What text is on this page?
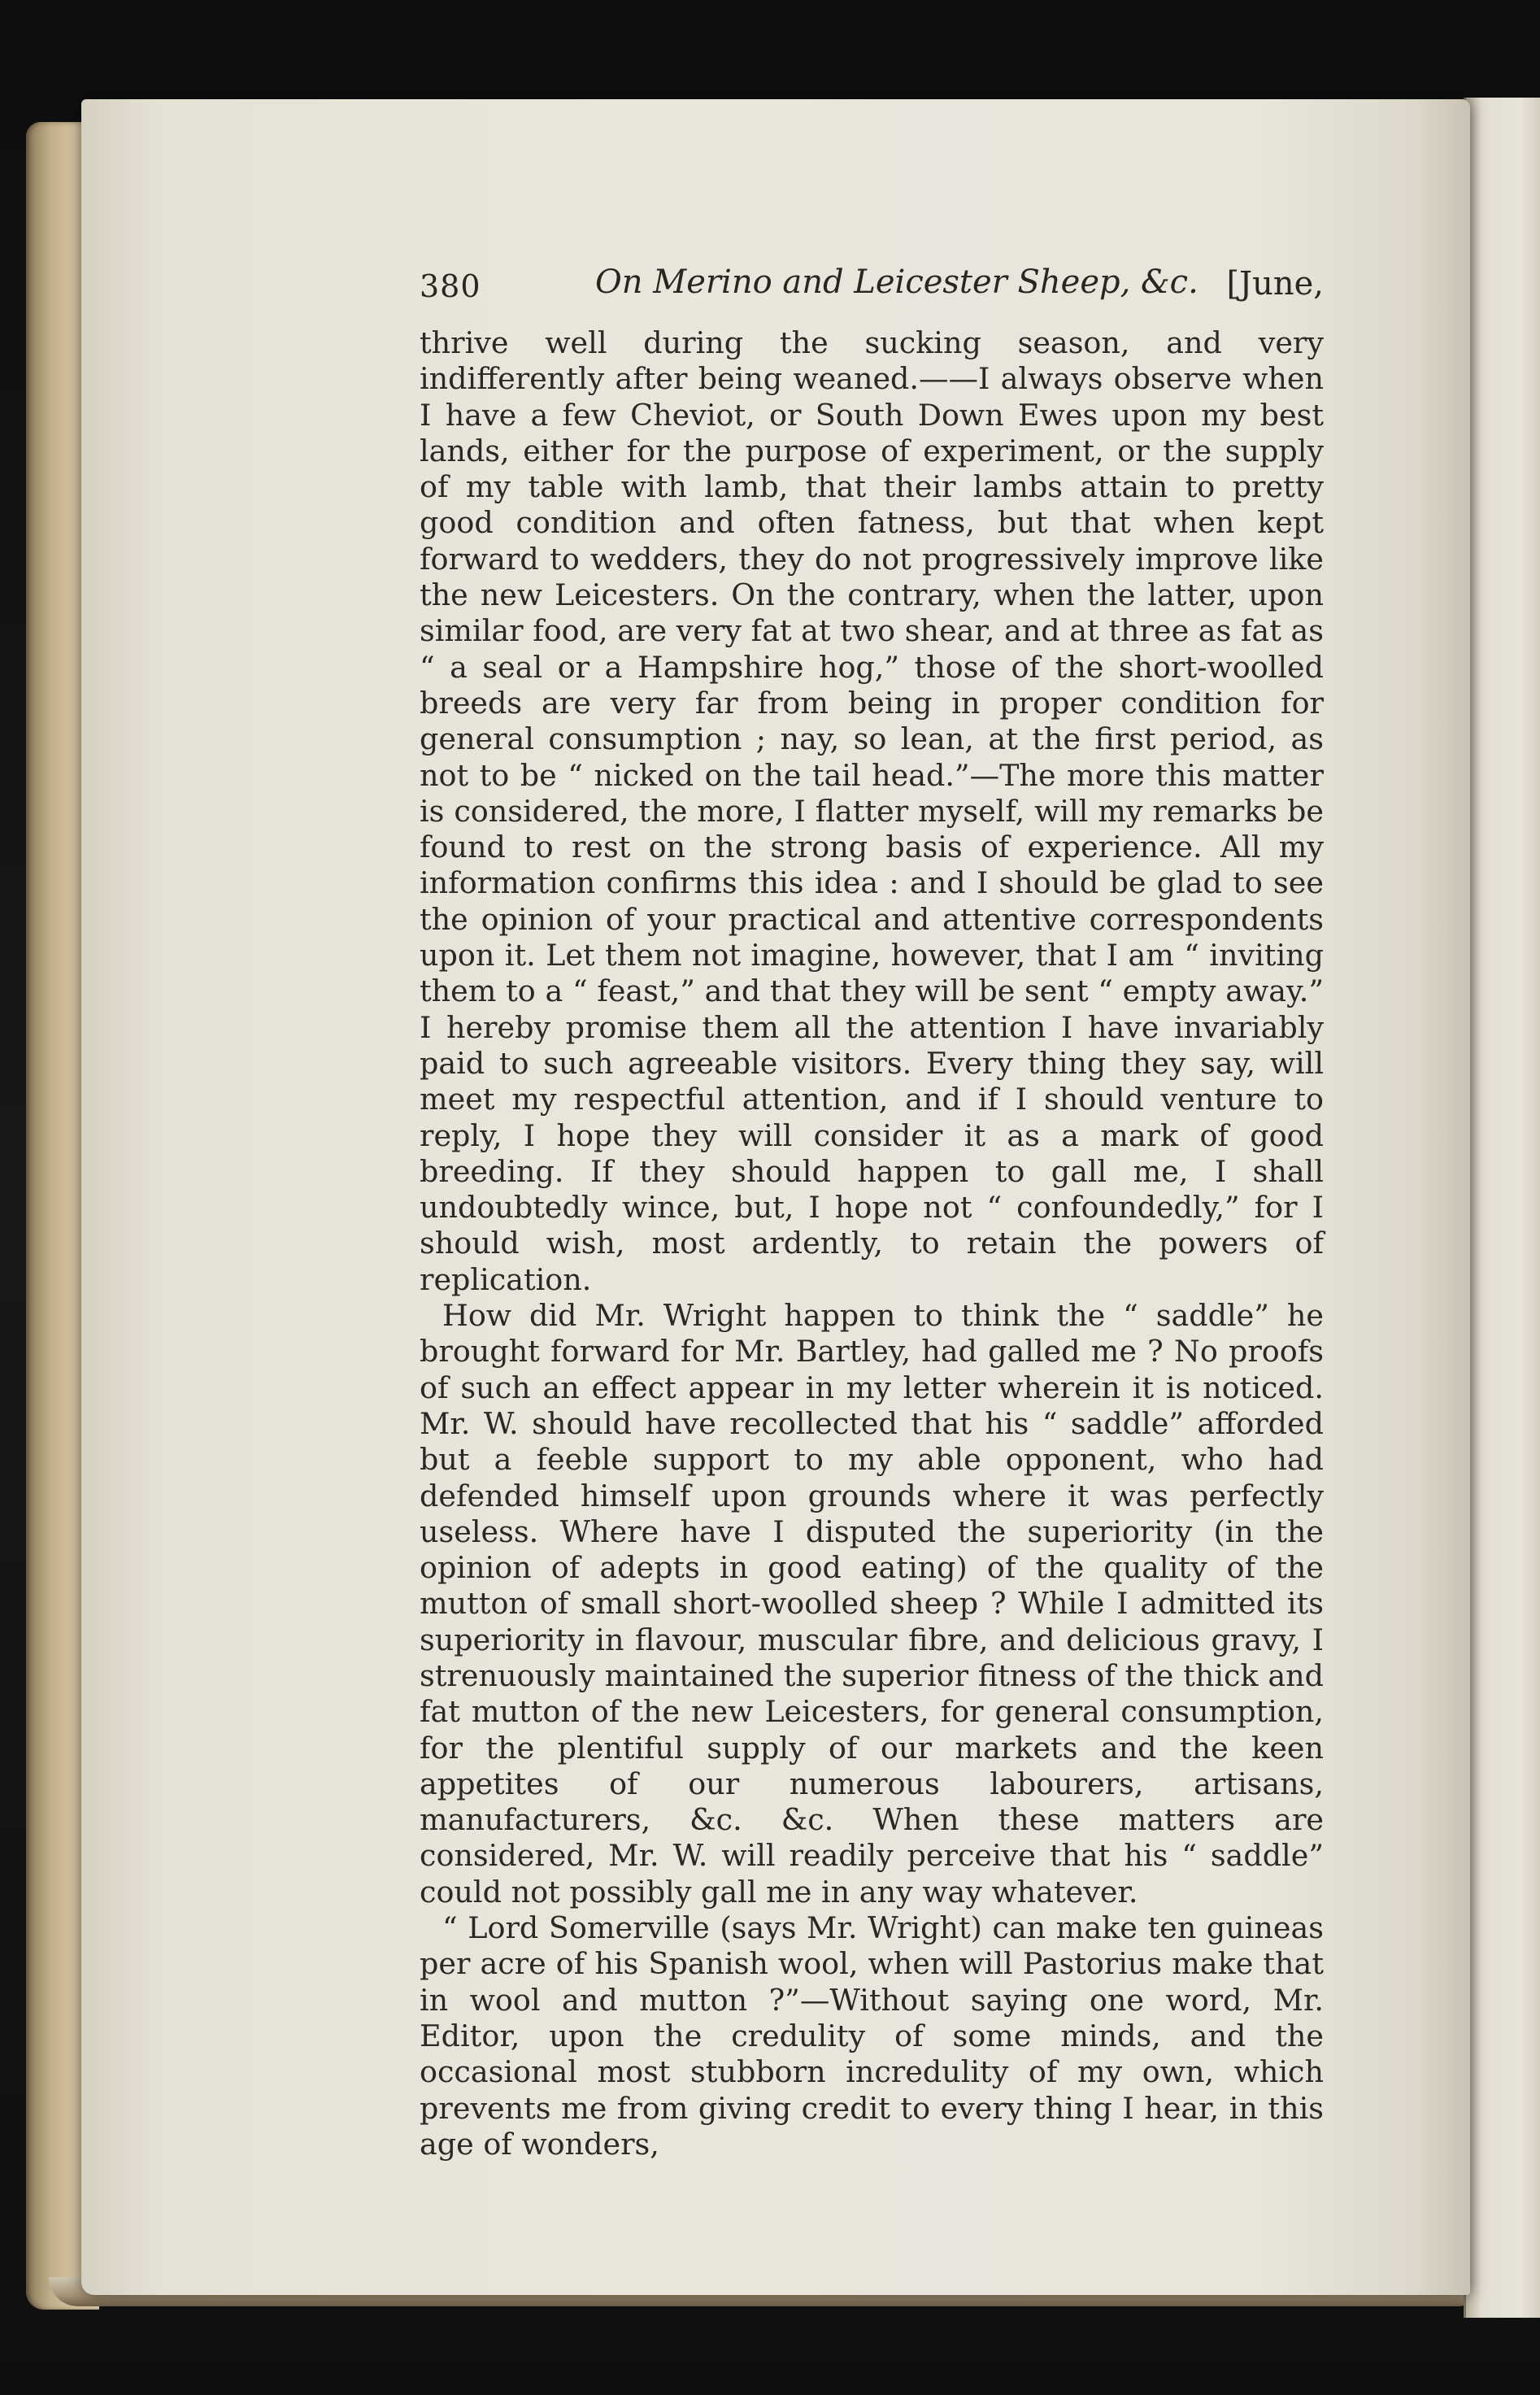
380	On Merino and Leicester Sheep, &c. [June,

thrive well during the sucking season, and very indifferently after being weaned.——I always observe when I have a few Cheviot, or South Down Ewes upon my best lands, either for the purpose of experiment, or the supply of my table with lamb, that their lambs attain to pretty good condition and often fatness, but that when kept forward to wedders, they do not progressively improve like the new Leicesters. On the contrary, when the latter, upon similar food, are very fat at two shear, and at three as fat as “ a seal or a Hampshire hog,” those of the short-woolled breeds are very far from being in proper condition for general consumption ; nay, so lean, at the first period, as not to be “ nicked on the tail head.”—The more this matter is considered, the more, I flatter myself, will my remarks be found to rest on the strong basis of experience. All my information confirms this idea : and I should be glad to see the opinion of your practical and attentive correspondents upon it. Let them not imagine, however, that I am “ inviting them to a “ feast,” and that they will be sent “ empty away.” I hereby promise them all the attention I have invariably paid to such agreeable visitors. Every thing they say, will meet my respectful attention, and if I should venture to reply, I hope they will consider it as a mark of good breeding. If they should happen to gall me, I shall undoubtedly wince, but, I hope not “ confoundedly,” for I should wish, most ardently, to retain the powers of replication.

How did Mr. Wright happen to think the “ saddle” he brought forward for Mr. Bartley, had galled me ? No proofs of such an effect appear in my letter wherein it is noticed. Mr. W. should have recollected that his “ saddle” afforded but a feeble support to my able opponent, who had defended himself upon grounds where it was perfectly useless. Where have I disputed the superiority (in the opinion of adepts in good eating) of the quality of the mutton of small short-woolled sheep ? While I admitted its superiority in flavour, muscular fibre, and delicious gravy, I strenuously maintained the superior fitness of the thick and fat mutton of the new Leicesters, for general consumption, for the plentiful supply of our markets and the keen appetites of our numerous labourers, artisans, manufacturers, &c. &c. When these matters are considered, Mr. W. will readily perceive that his “ saddle” could not possibly gall me in any way whatever.

“ Lord Somerville (says Mr. Wright) can make ten guineas per acre of his Spanish wool, when will Pastorius make that in wool and mutton ?”—Without saying one word, Mr. Editor, upon the credulity of some minds, and the occasional most stubborn incredulity of my own, which prevents me from giving credit to every thing I hear, in this age of wonders,
